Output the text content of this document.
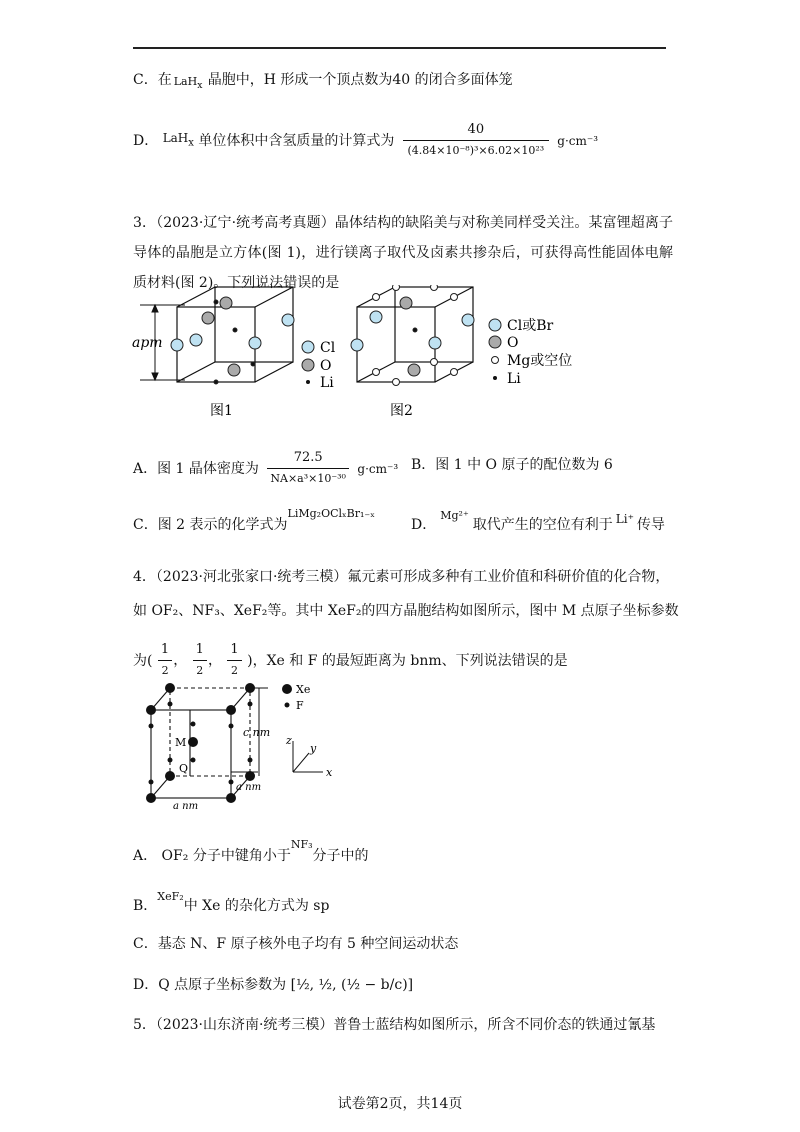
C．在 LaH$_x$ 晶胞中，H 形成一个顶点数为40 的闭合多面体笼
D． LaH$_x$ 单位体积中含氢质量的计算式为 $\frac{40}{\text{(4.84×10⁻⁸)³×6.02×10²³}} g\cdot cm^{-3}$
3．（2023·辽宁·统考高考真题）晶体结构的缺陷美与对称美同样受关注。某富锂超离子导体的晶胞是立方体(图 1)，进行镁离子取代及卤素共掺杂后，可获得高性能固体电解质材料(图 2)。下列说法错误的是
apm	Cl
O
Li
图1
Cl或Br
O
Mg或空位
Li
图2
A．图 1 晶体密度为 $\frac{72.5}{\text{NA×a³×10⁻³⁰}} g\cdot cm^{-3}$ B．图 1 中 O 原子的配位数为 6
C．图 2 表示的化学式为$^{LiMg_2OCl_xBr_{1-x}}$
D．$^{Mg^{2+}}$取代产生的空位有利于 Li⁺ 传导
4．（2023·河北张家口·统考三模）氟元素可形成多种有工业价值和科研价值的化合物，
如 OF₂、NF₃、XeF₂等。其中 XeF₂的四方晶胞结构如图所示，图中 M 点原子坐标参数
为( $\frac{1}{2}$ ， $\frac{1}{2}$ ， $\frac{1}{2}$ )，Xe 和 F 的最短距离为 bnm、下列说法错误的是
M
Q
c nm
a nm
a nm
Xe
F
z
y
x
A． OF₂ 分子中键角小于$^{NF_3}$分子中的
B．$^{XeF_2}$中 Xe 的杂化方式为 sp
C．基态 N、F 原子核外电子均有 5 种空间运动状态
D．Q 点原子坐标参数为 [½, ½, (½ − b/c)]
5．（2023·山东济南·统考三模）普鲁士蓝结构如图所示，所含不同价态的铁通过氰基
试卷第2页，共14页
